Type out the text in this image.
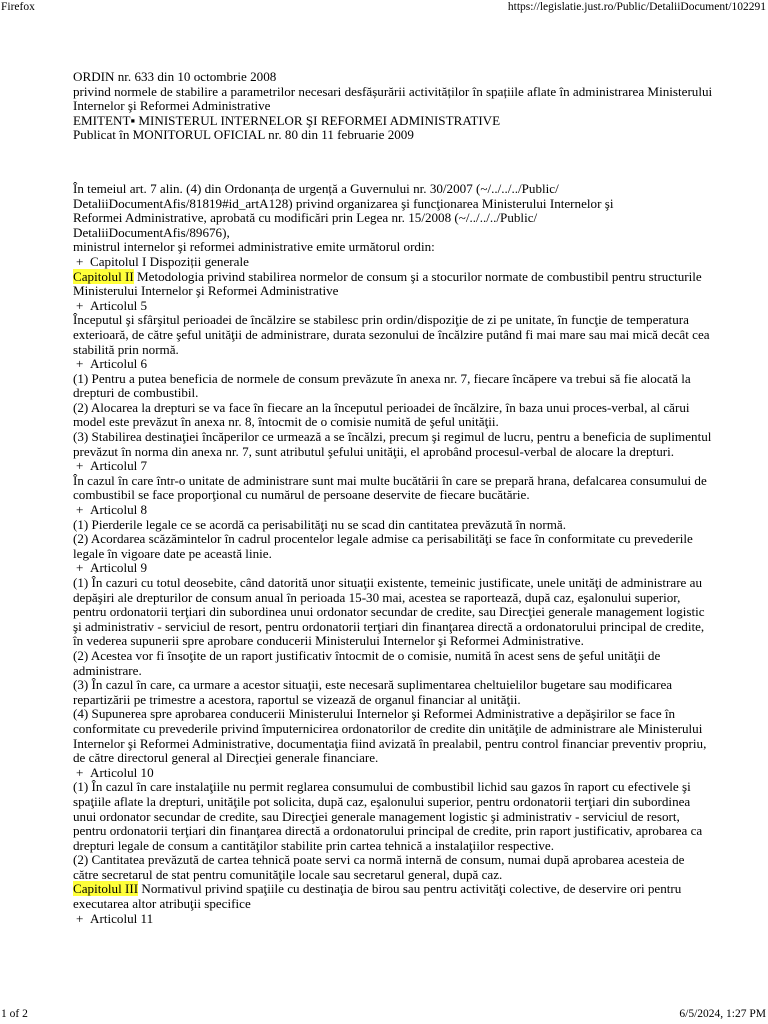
Firefox	https://legislatie.just.ro/Public/DetaliiDocument/102291

ORDIN nr. 633 din 10 octombrie 2008

privind normele de stabilire a parametrilor necesari desfășurării activităților în spațiile aflate în administrarea Ministerului Internelor şi Reformei Administrative

EMITENT▪ MINISTERUL INTERNELOR ŞI REFORMEI ADMINISTRATIVE

Publicat în MONITORUL OFICIAL nr. 80 din 11 februarie 2009

În temeiul art. 7 alin. (4) din Ordonanța de urgență a Guvernului nr. 30/2007 (~/../../../Public/

DetaliiDocumentAfis/81819#id_artA128) privind organizarea şi funcţionarea Ministerului Internelor şi

Reformei Administrative, aprobată cu modificări prin Legea nr. 15/2008 (~/../../../Public/

DetaliiDocumentAfis/89676),

ministrul internelor şi reformei administrative emite următorul ordin:

+ Capitolul I Dispoziții generale

Capitolul II Metodologia privind stabilirea normelor de consum şi a stocurilor normate de combustibil pentru structurile Ministerului Internelor şi Reformei Administrative

+ Articolul 5

Începutul şi sfârşitul perioadei de încălzire se stabilesc prin ordin/dispoziţie de zi pe unitate, în funcţie de temperatura exterioară, de către şeful unităţii de administrare, durata sezonului de încălzire putând fi mai mare sau mai mică decât cea stabilită prin normă.

+ Articolul 6

(1) Pentru a putea beneficia de normele de consum prevăzute în anexa nr. 7, fiecare încăpere va trebui să fie alocată la drepturi de combustibil.

(2) Alocarea la drepturi se va face în fiecare an la începutul perioadei de încălzire, în baza unui proces-verbal, al cărui model este prevăzut în anexa nr. 8, întocmit de o comisie numită de şeful unităţii.

(3) Stabilirea destinaţiei încăperilor ce urmează a se încălzi, precum şi regimul de lucru, pentru a beneficia de suplimentul prevăzut în norma din anexa nr. 7, sunt atributul şefului unităţii, el aprobând procesul-verbal de alocare la drepturi.

+ Articolul 7

În cazul în care într-o unitate de administrare sunt mai multe bucătării în care se prepară hrana, defalcarea consumului de combustibil se face proporţional cu numărul de persoane deservite de fiecare bucătărie.

+ Articolul 8

(1) Pierderile legale ce se acordă ca perisabilităţi nu se scad din cantitatea prevăzută în normă.

(2) Acordarea scăzămintelor în cadrul procentelor legale admise ca perisabilităţi se face în conformitate cu prevederile legale în vigoare date pe această linie.

+ Articolul 9

(1) În cazuri cu totul deosebite, când datorită unor situaţii existente, temeinic justificate, unele unităţi de administrare au depăşiri ale drepturilor de consum anual în perioada 15-30 mai, acestea se raportează, după caz, eşalonului superior, pentru ordonatorii terţiari din subordinea unui ordonator secundar de credite, sau Direcţiei generale management logistic şi administrativ - serviciul de resort, pentru ordonatorii terţiari din finanţarea directă a ordonatorului principal de credite, în vederea supunerii spre aprobare conducerii Ministerului Internelor şi Reformei Administrative.

(2) Acestea vor fi însoţite de un raport justificativ întocmit de o comisie, numită în acest sens de şeful unităţii de administrare.

(3) În cazul în care, ca urmare a acestor situaţii, este necesară suplimentarea cheltuielilor bugetare sau modificarea repartizării pe trimestre a acestora, raportul se vizează de organul financiar al unităţii.

(4) Supunerea spre aprobarea conducerii Ministerului Internelor şi Reformei Administrative a depăşirilor se face în conformitate cu prevederile privind împuternicirea ordonatorilor de credite din unităţile de administrare ale Ministerului Internelor şi Reformei Administrative, documentaţia fiind avizată în prealabil, pentru control financiar preventiv propriu, de către directorul general al Direcţiei generale financiare.

+ Articolul 10

(1) În cazul în care instalaţiile nu permit reglarea consumului de combustibil lichid sau gazos în raport cu efectivele şi spaţiile aflate la drepturi, unităţile pot solicita, după caz, eşalonului superior, pentru ordonatorii terţiari din subordinea unui ordonator secundar de credite, sau Direcţiei generale management logistic şi administrativ - serviciul de resort, pentru ordonatorii terţiari din finanţarea directă a ordonatorului principal de credite, prin raport justificativ, aprobarea ca drepturi legale de consum a cantităţilor stabilite prin cartea tehnică a instalaţiilor respective.

(2) Cantitatea prevăzută de cartea tehnică poate servi ca normă internă de consum, numai după aprobarea acesteia de către secretarul de stat pentru comunităţile locale sau secretarul general, după caz.

Capitolul III Normativul privind spaţiile cu destinaţia de birou sau pentru activităţi colective, de deservire ori pentru executarea altor atribuţii specifice

+ Articolul 11

1 of 2	6/5/2024, 1:27 PM
